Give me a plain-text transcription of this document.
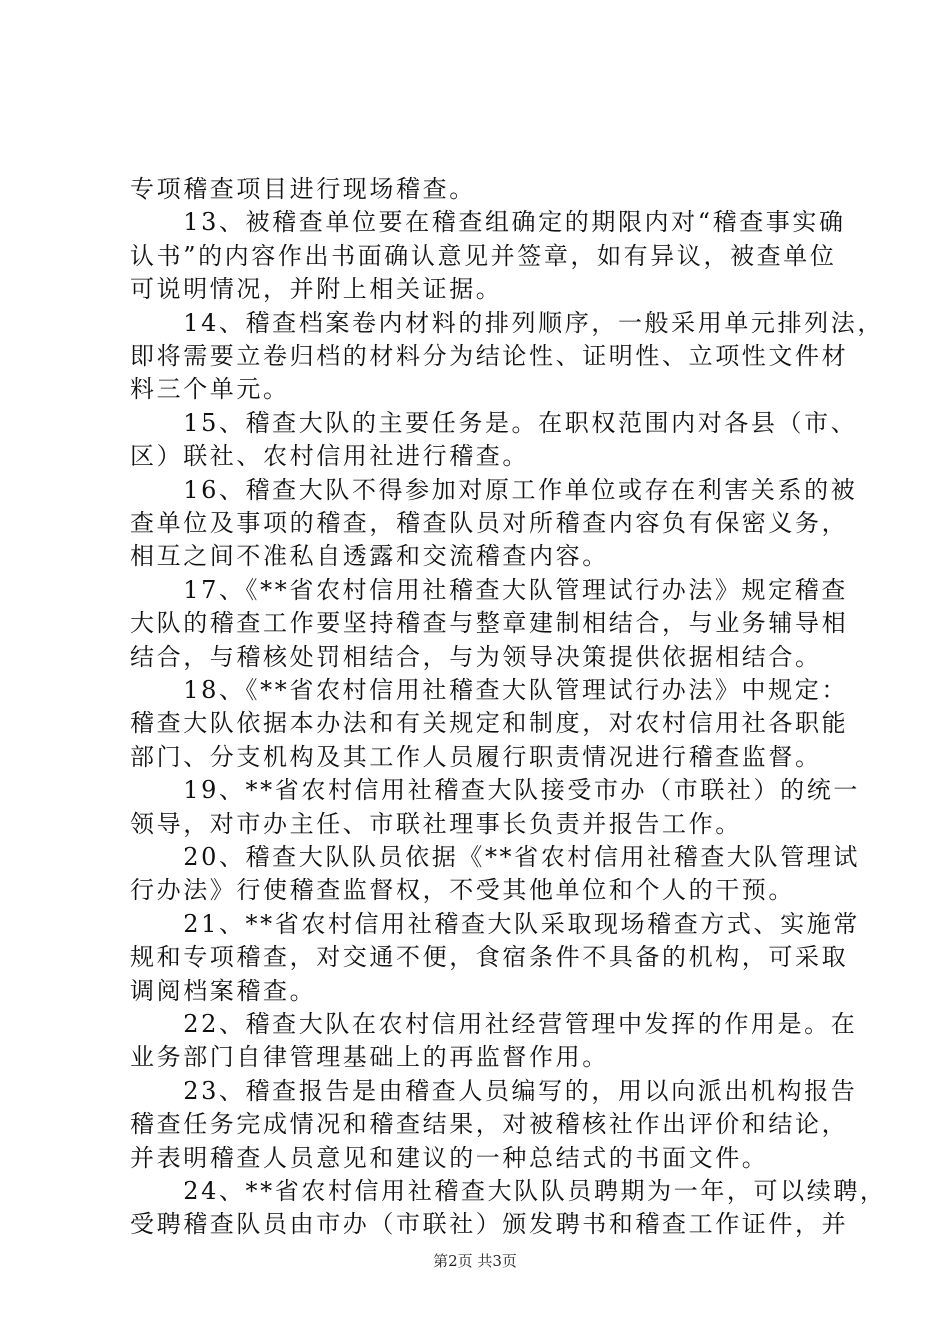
专项稽查项目进行现场稽查。
　　13、被稽查单位要在稽查组确定的期限内对“稽查事实确
认书”的内容作出书面确认意见并签章，如有异议，被查单位
可说明情况，并附上相关证据。
　　14、稽查档案卷内材料的排列顺序，一般采用单元排列法，
即将需要立卷归档的材料分为结论性、证明性、立项性文件材
料三个单元。
　　15、稽查大队的主要任务是。在职权范围内对各县（市、
区）联社、农村信用社进行稽查。
　　16、稽查大队不得参加对原工作单位或存在利害关系的被
查单位及事项的稽查，稽查队员对所稽查内容负有保密义务，
相互之间不准私自透露和交流稽查内容。
　　17、《**省农村信用社稽查大队管理试行办法》规定稽查
大队的稽查工作要坚持稽查与整章建制相结合，与业务辅导相
结合，与稽核处罚相结合，与为领导决策提供依据相结合。
　　18、《**省农村信用社稽查大队管理试行办法》中规定：
稽查大队依据本办法和有关规定和制度，对农村信用社各职能
部门、分支机构及其工作人员履行职责情况进行稽查监督。
　　19、**省农村信用社稽查大队接受市办（市联社）的统一
领导，对市办主任、市联社理事长负责并报告工作。
　　20、稽查大队队员依据《**省农村信用社稽查大队管理试
行办法》行使稽查监督权，不受其他单位和个人的干预。
　　21、**省农村信用社稽查大队采取现场稽查方式、实施常
规和专项稽查，对交通不便，食宿条件不具备的机构，可采取
调阅档案稽查。
　　22、稽查大队在农村信用社经营管理中发挥的作用是。在
业务部门自律管理基础上的再监督作用。
　　23、稽查报告是由稽查人员编写的，用以向派出机构报告
稽查任务完成情况和稽查结果，对被稽核社作出评价和结论，
并表明稽查人员意见和建议的一种总结式的书面文件。
　　24、**省农村信用社稽查大队队员聘期为一年，可以续聘，
受聘稽查队员由市办（市联社）颁发聘书和稽查工作证件，并
第2页 共3页
